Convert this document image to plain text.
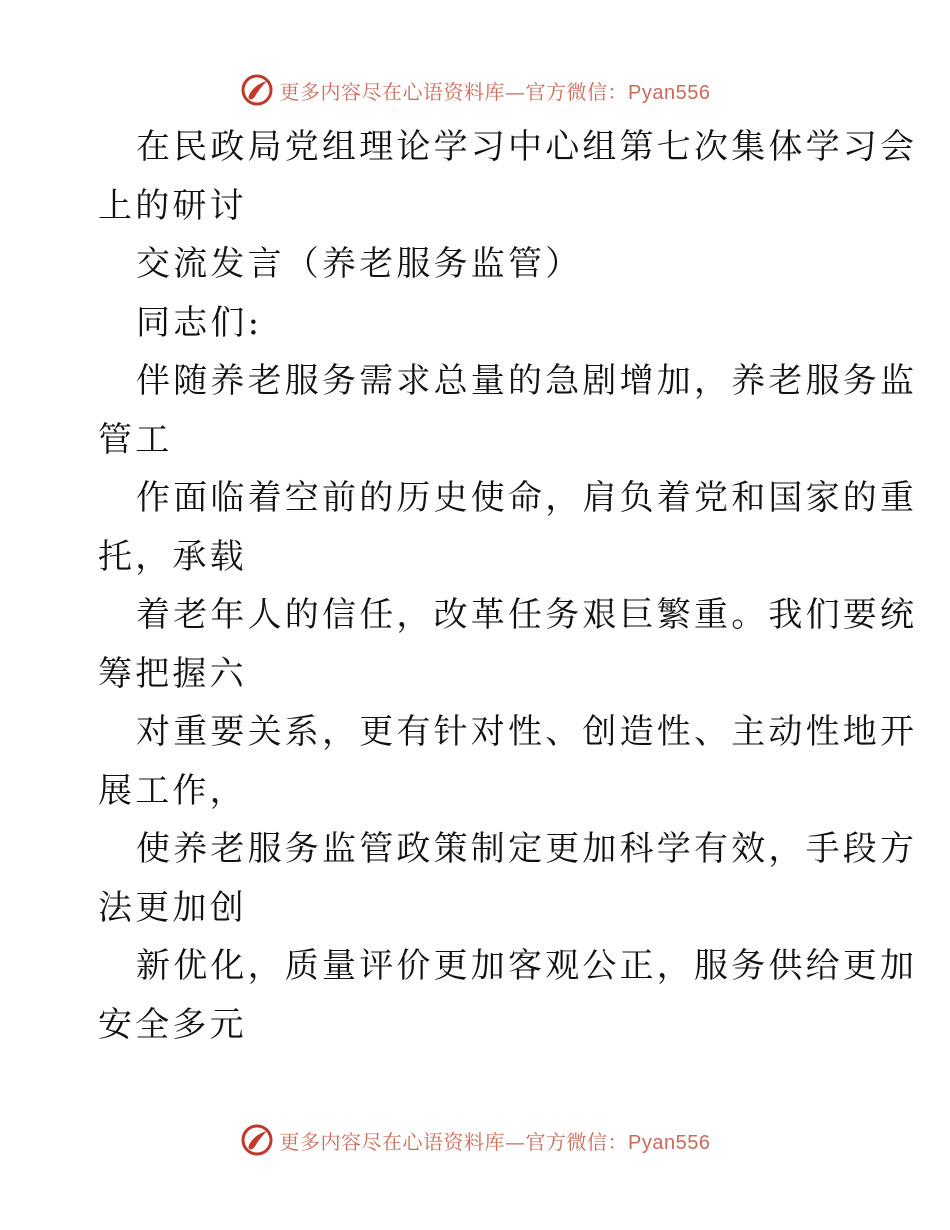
更多内容尽在心语资料库—官方微信：Pyan556
在民政局党组理论学习中心组第七次集体学习会
上的研讨
交流发言（养老服务监管）
同志们:
伴随养老服务需求总量的急剧增加，养老服务监
管工
作面临着空前的历史使命，肩负着党和国家的重
托，承载
着老年人的信任，改革任务艰巨繁重。我们要统
筹把握六
对重要关系，更有针对性、创造性、主动性地开
展工作，
使养老服务监管政策制定更加科学有效，手段方
法更加创
新优化，质量评价更加客观公正，服务供给更加
安全多元
更多内容尽在心语资料库—官方微信：Pyan556
